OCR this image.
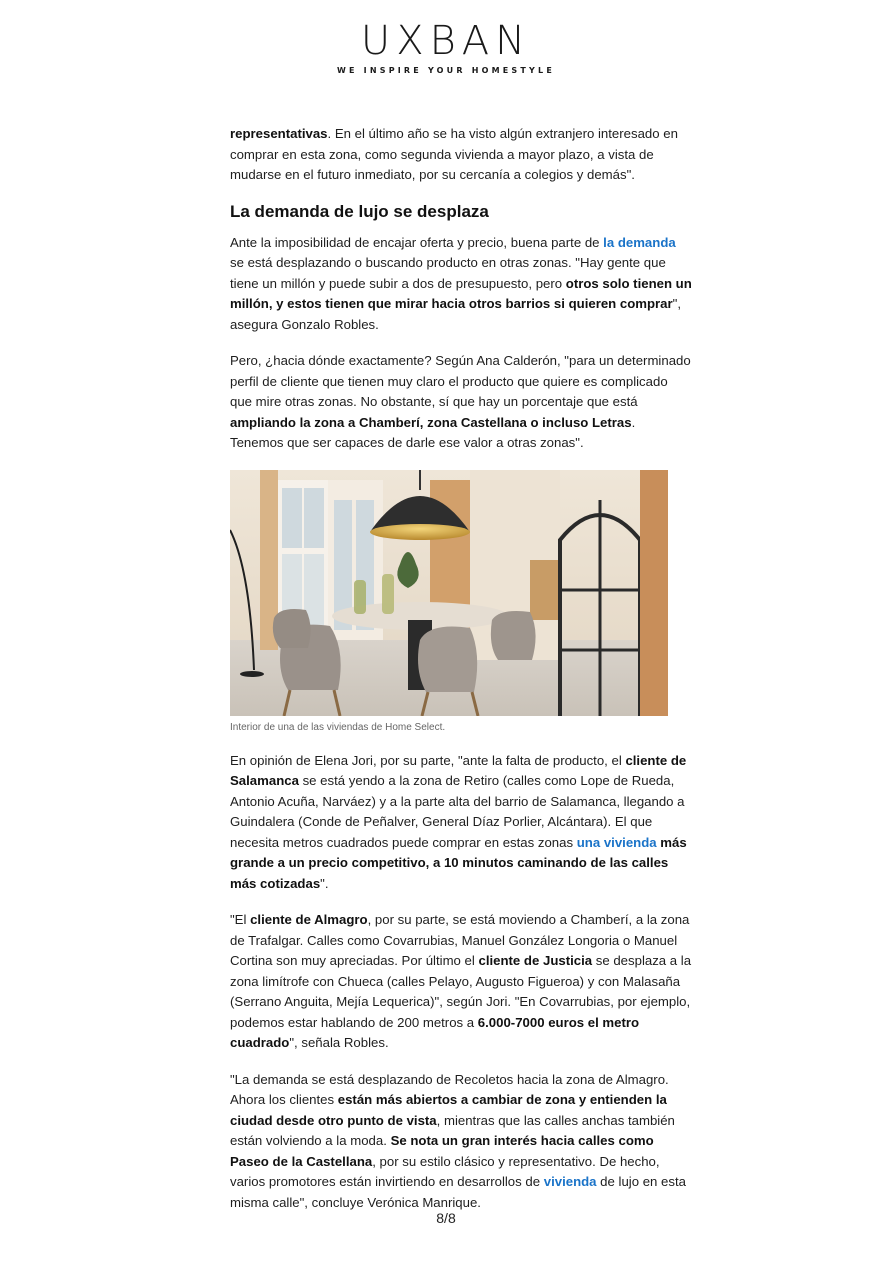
UXBAN
WE INSPIRE YOUR HOMESTYLE

representativas. En el último año se ha visto algún extranjero interesado en comprar en esta zona, como segunda vivienda a mayor plazo, a vista de mudarse en el futuro inmediato, por su cercanía a colegios y demás".

La demanda de lujo se desplaza

Ante la imposibilidad de encajar oferta y precio, buena parte de la demanda se está desplazando o buscando producto en otras zonas. "Hay gente que tiene un millón y puede subir a dos de presupuesto, pero otros solo tienen un millón, y estos tienen que mirar hacia otros barrios si quieren comprar", asegura Gonzalo Robles.

Pero, ¿hacia dónde exactamente? Según Ana Calderón, "para un determinado perfil de cliente que tienen muy claro el producto que quiere es complicado que mire otras zonas. No obstante, sí que hay un porcentaje que está ampliando la zona a Chamberí, zona Castellana o incluso Letras. Tenemos que ser capaces de darle ese valor a otras zonas".

Interior de una de las viviendas de Home Select.

En opinión de Elena Jori, por su parte, "ante la falta de producto, el cliente de Salamanca se está yendo a la zona de Retiro (calles como Lope de Rueda, Antonio Acuña, Narváez) y a la parte alta del barrio de Salamanca, llegando a Guindalera (Conde de Peñalver, General Díaz Porlier, Alcántara). El que necesita metros cuadrados puede comprar en estas zonas una vivienda más grande a un precio competitivo, a 10 minutos caminando de las calles más cotizadas".

"El cliente de Almagro, por su parte, se está moviendo a Chamberí, a la zona de Trafalgar. Calles como Covarrubias, Manuel González Longoria o Manuel Cortina son muy apreciadas. Por último el cliente de Justicia se desplaza a la zona limítrofe con Chueca (calles Pelayo, Augusto Figueroa) y con Malasaña (Serrano Anguita, Mejía Lequerica)", según Jori. "En Covarrubias, por ejemplo, podemos estar hablando de 200 metros a 6.000-7000 euros el metro cuadrado", señala Robles.

"La demanda se está desplazando de Recoletos hacia la zona de Almagro. Ahora los clientes están más abiertos a cambiar de zona y entienden la ciudad desde otro punto de vista, mientras que las calles anchas también están volviendo a la moda. Se nota un gran interés hacia calles como Paseo de la Castellana, por su estilo clásico y representativo. De hecho, varios promotores están invirtiendo en desarrollos de vivienda de lujo en esta misma calle", concluye Verónica Manrique.

8/8
